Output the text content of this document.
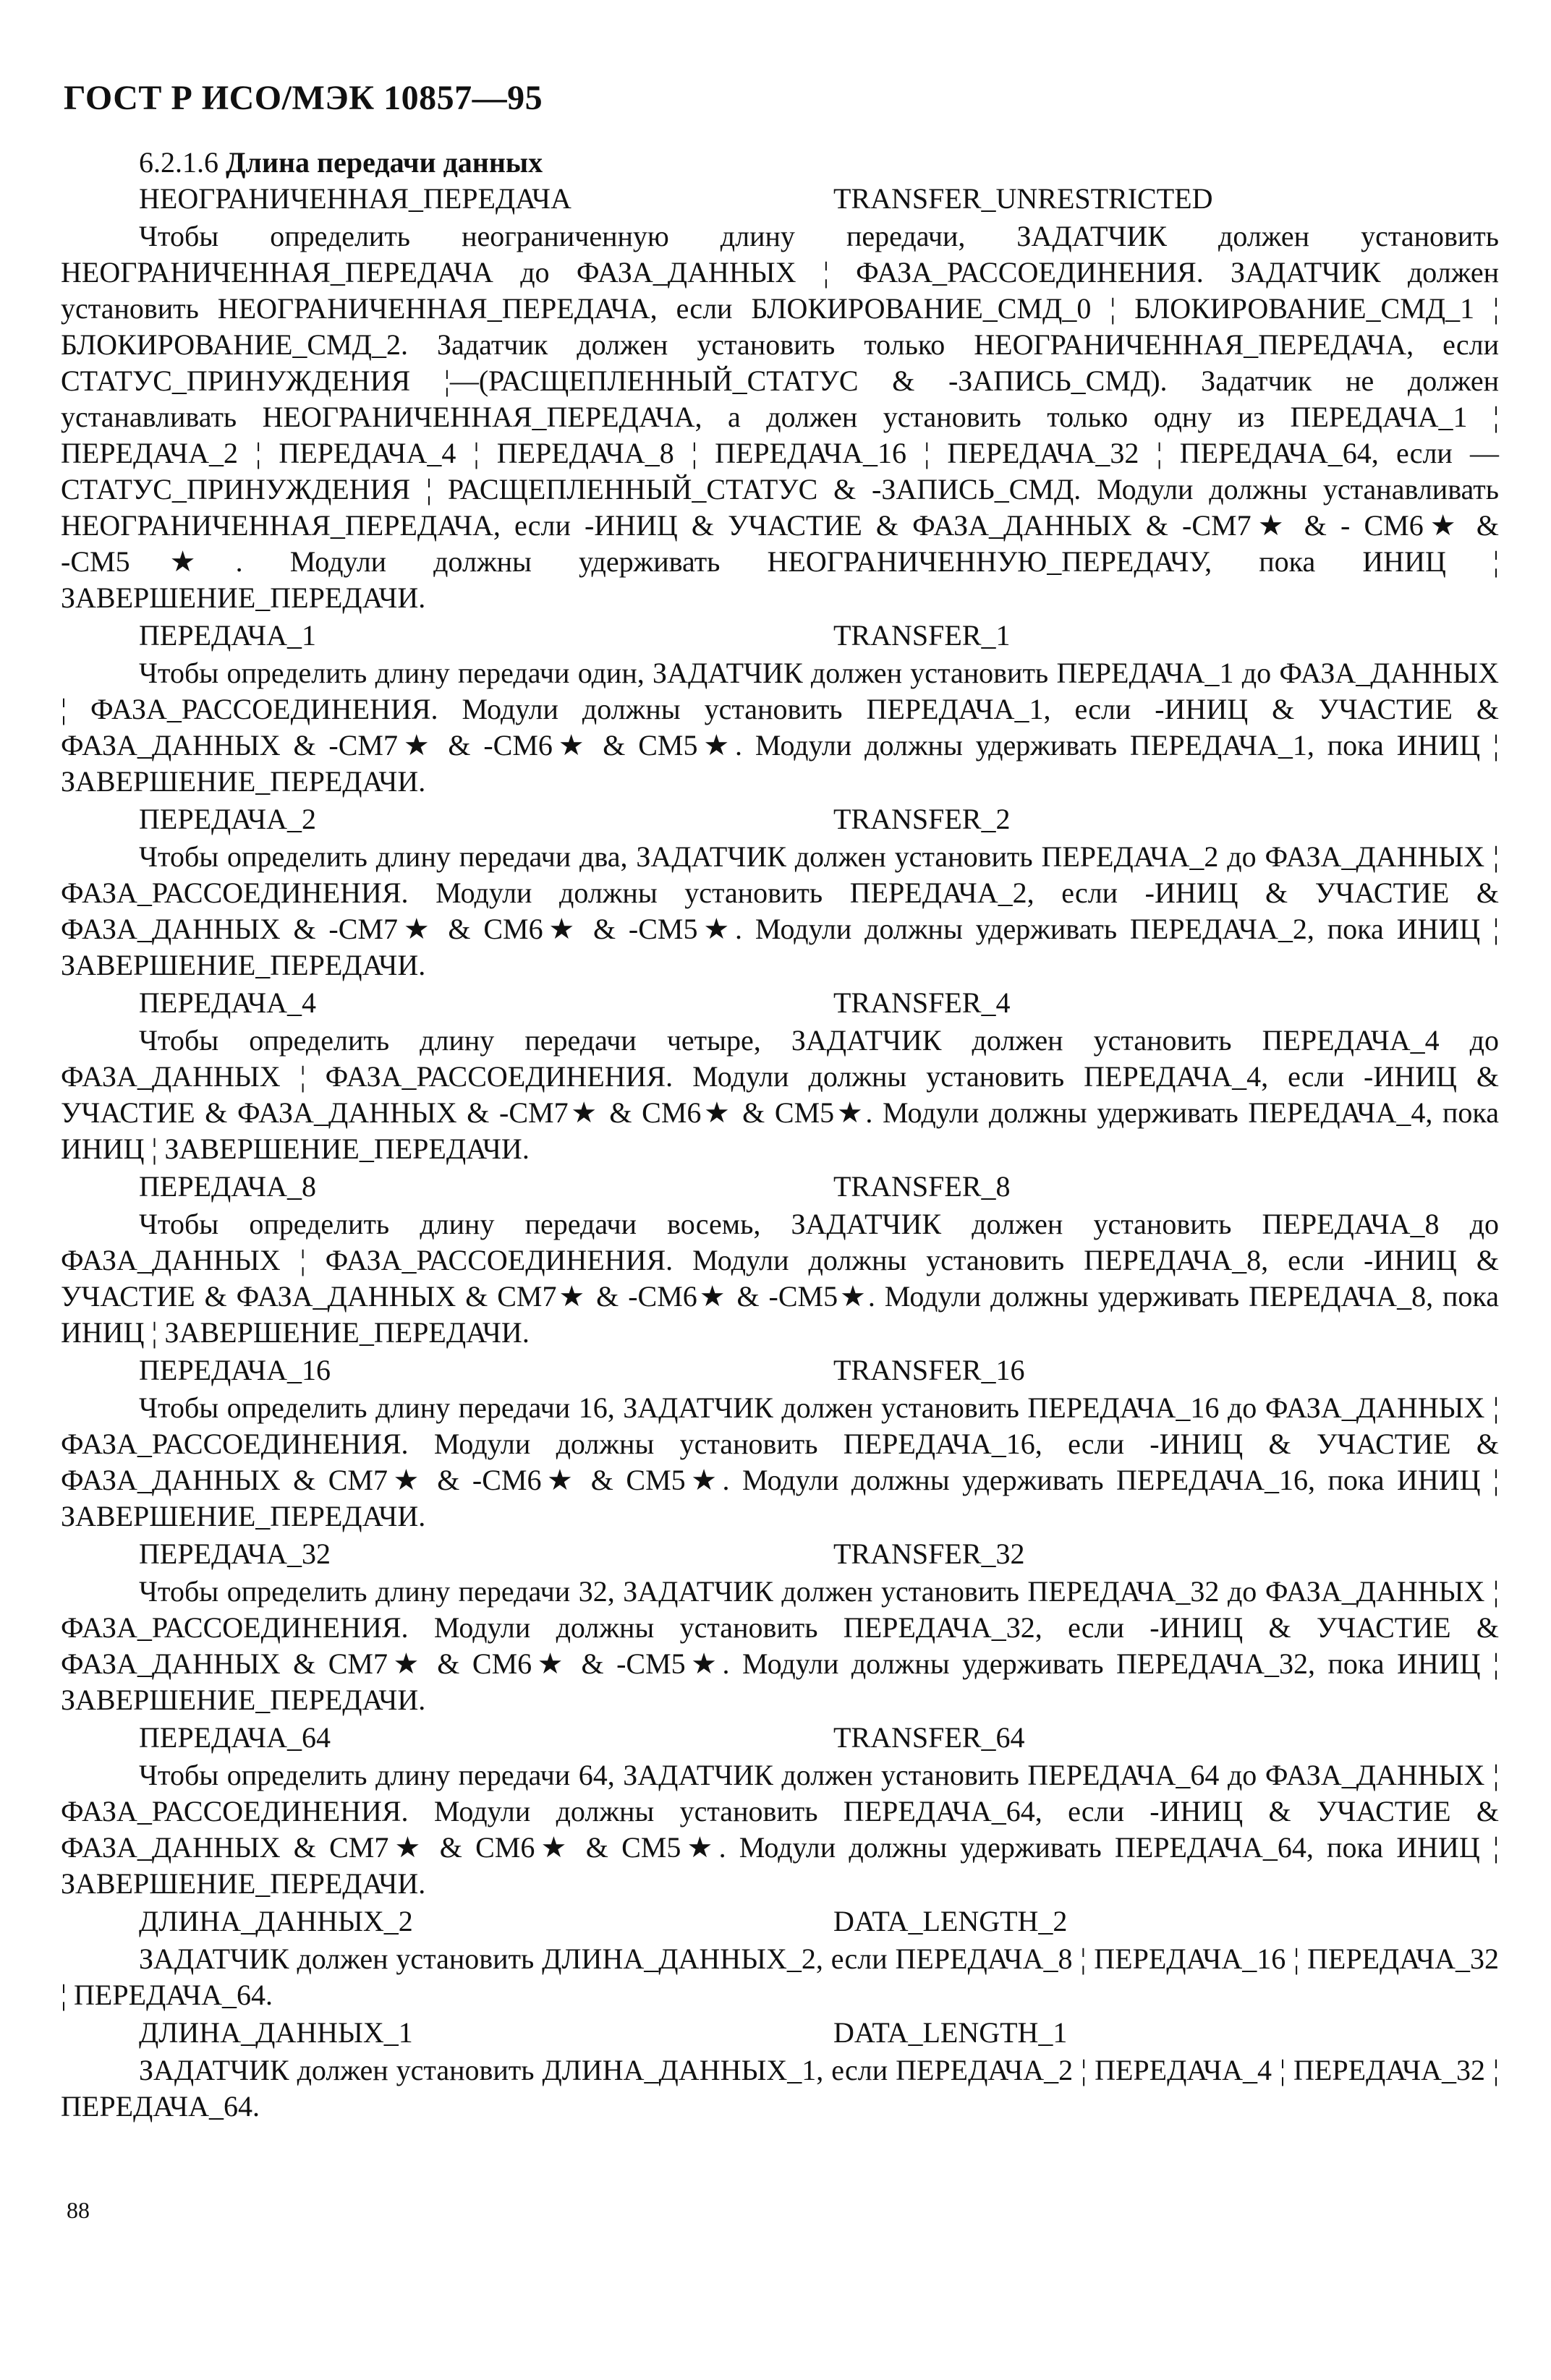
ГОСТ Р ИСО/МЭК 10857—95
6.2.1.6 Длина передачи данных
НЕОГРАНИЧЕННАЯ_ПЕРЕДАЧА	TRANSFER_UNRESTRICTED
Чтобы определить неограниченную длину передачи, ЗАДАТЧИК должен установить НЕОГРАНИЧЕННАЯ_ПЕРЕДАЧА до ФАЗА_ДАННЫХ ¦ ФАЗА_РАССОЕДИНЕНИЯ. ЗАДАТЧИК должен установить НЕОГРАНИЧЕННАЯ_ПЕРЕДАЧА, если БЛОКИРОВАНИЕ_СМД_0 ¦ БЛОКИРОВАНИЕ_СМД_1 ¦ БЛОКИРОВАНИЕ_СМД_2. Задатчик должен установить только НЕОГРАНИЧЕННАЯ_ПЕРЕДАЧА, если СТАТУС_ПРИНУЖДЕНИЯ ¦—(РАСЩЕПЛЕННЫЙ_СТАТУС & -ЗАПИСЬ_СМД). Задатчик не должен устанавливать НЕОГРАНИЧЕННАЯ_ПЕРЕДАЧА, а должен установить только одну из ПЕРЕДАЧА_1 ¦ ПЕРЕДАЧА_2 ¦ ПЕРЕДАЧА_4 ¦ ПЕРЕДАЧА_8 ¦ ПЕРЕДАЧА_16 ¦ ПЕРЕДАЧА_32 ¦ ПЕРЕДАЧА_64, если —СТАТУС_ПРИНУЖДЕНИЯ ¦ РАСЩЕПЛЕННЫЙ_СТАТУС & -ЗАПИСЬ_СМД. Модули должны устанавливать НЕОГРАНИЧЕННАЯ_ПЕРЕДАЧА, если -ИНИЦ & УЧАСТИЕ & ФАЗА_ДАННЫХ & -СМ7★ & - СМ6★ & -СМ5★. Модули должны удерживать НЕОГРАНИЧЕННУЮ_ПЕРЕДАЧУ, пока ИНИЦ ¦ ЗАВЕРШЕНИЕ_ПЕРЕДАЧИ.
ПЕРЕДАЧА_1	TRANSFER_1
Чтобы определить длину передачи один, ЗАДАТЧИК должен установить ПЕРЕДАЧА_1 до ФАЗА_ДАННЫХ ¦ ФАЗА_РАССОЕДИНЕНИЯ. Модули должны установить ПЕРЕДАЧА_1, если -ИНИЦ & УЧАСТИЕ & ФАЗА_ДАННЫХ & -СМ7★ & -СМ6★ & СМ5★. Модули должны удерживать ПЕРЕДАЧА_1, пока ИНИЦ ¦ ЗАВЕРШЕНИЕ_ПЕРЕДАЧИ.
ПЕРЕДАЧА_2	TRANSFER_2
Чтобы определить длину передачи два, ЗАДАТЧИК должен установить ПЕРЕДАЧА_2 до ФАЗА_ДАННЫХ ¦ ФАЗА_РАССОЕДИНЕНИЯ. Модули должны установить ПЕРЕДАЧА_2, если -ИНИЦ & УЧАСТИЕ & ФАЗА_ДАННЫХ & -СМ7★ & СМ6★ & -СМ5★. Модули должны удерживать ПЕРЕДАЧА_2, пока ИНИЦ ¦ ЗАВЕРШЕНИЕ_ПЕРЕДАЧИ.
ПЕРЕДАЧА_4	TRANSFER_4
Чтобы определить длину передачи четыре, ЗАДАТЧИК должен установить ПЕРЕДАЧА_4 до ФАЗА_ДАННЫХ ¦ ФАЗА_РАССОЕДИНЕНИЯ. Модули должны установить ПЕРЕДАЧА_4, если -ИНИЦ & УЧАСТИЕ & ФАЗА_ДАННЫХ & -СМ7★ & СМ6★ & СМ5★. Модули должны удерживать ПЕРЕДАЧА_4, пока ИНИЦ ¦ ЗАВЕРШЕНИЕ_ПЕРЕДАЧИ.
ПЕРЕДАЧА_8	TRANSFER_8
Чтобы определить длину передачи восемь, ЗАДАТЧИК должен установить ПЕРЕДАЧА_8 до ФАЗА_ДАННЫХ ¦ ФАЗА_РАССОЕДИНЕНИЯ. Модули должны установить ПЕРЕДАЧА_8, если -ИНИЦ & УЧАСТИЕ & ФАЗА_ДАННЫХ & СМ7★ & -СМ6★ & -СМ5★. Модули должны удерживать ПЕРЕДАЧА_8, пока ИНИЦ ¦ ЗАВЕРШЕНИЕ_ПЕРЕДАЧИ.
ПЕРЕДАЧА_16	TRANSFER_16
Чтобы определить длину передачи 16, ЗАДАТЧИК должен установить ПЕРЕДАЧА_16 до ФАЗА_ДАННЫХ ¦ ФАЗА_РАССОЕДИНЕНИЯ. Модули должны установить ПЕРЕДАЧА_16, если -ИНИЦ & УЧАСТИЕ & ФАЗА_ДАННЫХ & СМ7★ & -СМ6★ & СМ5★. Модули должны удерживать ПЕРЕДАЧА_16, пока ИНИЦ ¦ ЗАВЕРШЕНИЕ_ПЕРЕДАЧИ.
ПЕРЕДАЧА_32	TRANSFER_32
Чтобы определить длину передачи 32, ЗАДАТЧИК должен установить ПЕРЕДАЧА_32 до ФАЗА_ДАННЫХ ¦ ФАЗА_РАССОЕДИНЕНИЯ. Модули должны установить ПЕРЕДАЧА_32, если -ИНИЦ & УЧАСТИЕ & ФАЗА_ДАННЫХ & СМ7★ & СМ6★ & -СМ5★. Модули должны удерживать ПЕРЕДАЧА_32, пока ИНИЦ ¦ ЗАВЕРШЕНИЕ_ПЕРЕДАЧИ.
ПЕРЕДАЧА_64	TRANSFER_64
Чтобы определить длину передачи 64, ЗАДАТЧИК должен установить ПЕРЕДАЧА_64 до ФАЗА_ДАННЫХ ¦ ФАЗА_РАССОЕДИНЕНИЯ. Модули должны установить ПЕРЕДАЧА_64, если -ИНИЦ & УЧАСТИЕ & ФАЗА_ДАННЫХ & СМ7★ & СМ6★ & СМ5★. Модули должны удерживать ПЕРЕДАЧА_64, пока ИНИЦ ¦ ЗАВЕРШЕНИЕ_ПЕРЕДАЧИ.
ДЛИНА_ДАННЫХ_2	DATA_LENGTH_2
ЗАДАТЧИК должен установить ДЛИНА_ДАННЫХ_2, если ПЕРЕДАЧА_8 ¦ ПЕРЕДАЧА_16 ¦ ПЕРЕДАЧА_32 ¦ ПЕРЕДАЧА_64.
ДЛИНА_ДАННЫХ_1	DATA_LENGTH_1
ЗАДАТЧИК должен установить ДЛИНА_ДАННЫХ_1, если ПЕРЕДАЧА_2 ¦ ПЕРЕДАЧА_4 ¦ ПЕРЕДАЧА_32 ¦ ПЕРЕДАЧА_64.
88
